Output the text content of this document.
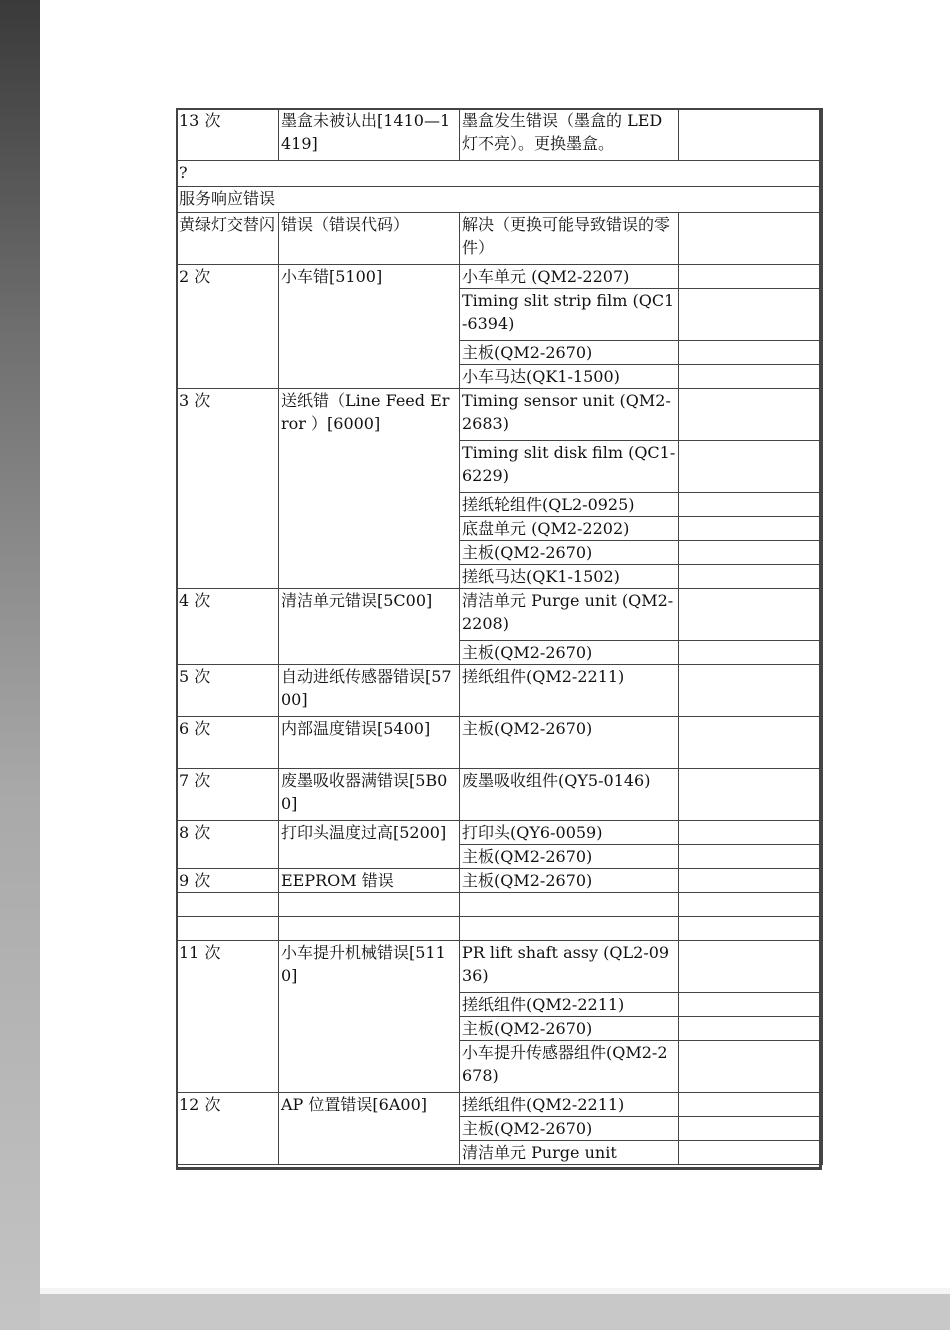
13 次	墨盒未被认出[1410—1419]	墨盒发生错误（墨盒的 LED 灯不亮）。更换墨盒。	
?			
服务响应错误			
黄绿灯交替闪	错误（错误代码）	解决（更换可能导致错误的零件）	
2 次	小车错[5100]	小车单元 (QM2-2207)	
		Timing slit strip film (QC1-6394)	
		主板(QM2-2670)	
		小车马达(QK1-1500)	
3 次	送纸错（Line Feed Error ）[6000]	Timing sensor unit (QM2-2683)	
		Timing slit disk film (QC1-6229)	
		搓纸轮组件(QL2-0925)	
		底盘单元 (QM2-2202)	
		主板(QM2-2670)	
		搓纸马达(QK1-1502)	
4 次	清洁单元错误[5C00]	清洁单元 Purge unit (QM2-2208)	
		主板(QM2-2670)	
5 次	自动进纸传感器错误[5700]	搓纸组件(QM2-2211)	
6 次	内部温度错误[5400]	主板(QM2-2670)	
7 次	废墨吸收器满错误[5B00]	废墨吸收组件(QY5-0146)	
8 次	打印头温度过高[5200]	打印头(QY6-0059)	
		主板(QM2-2670)	
9 次	EEPROM 错误	主板(QM2-2670)	

11 次	小车提升机械错误[5110]	PR lift shaft assy (QL2-0936)	
		搓纸组件(QM2-2211)	
		主板(QM2-2670)	
		小车提升传感器组件(QM2-2678)	
12 次	AP 位置错误[6A00]	搓纸组件(QM2-2211)	
		主板(QM2-2670)	
		清洁单元 Purge unit	
